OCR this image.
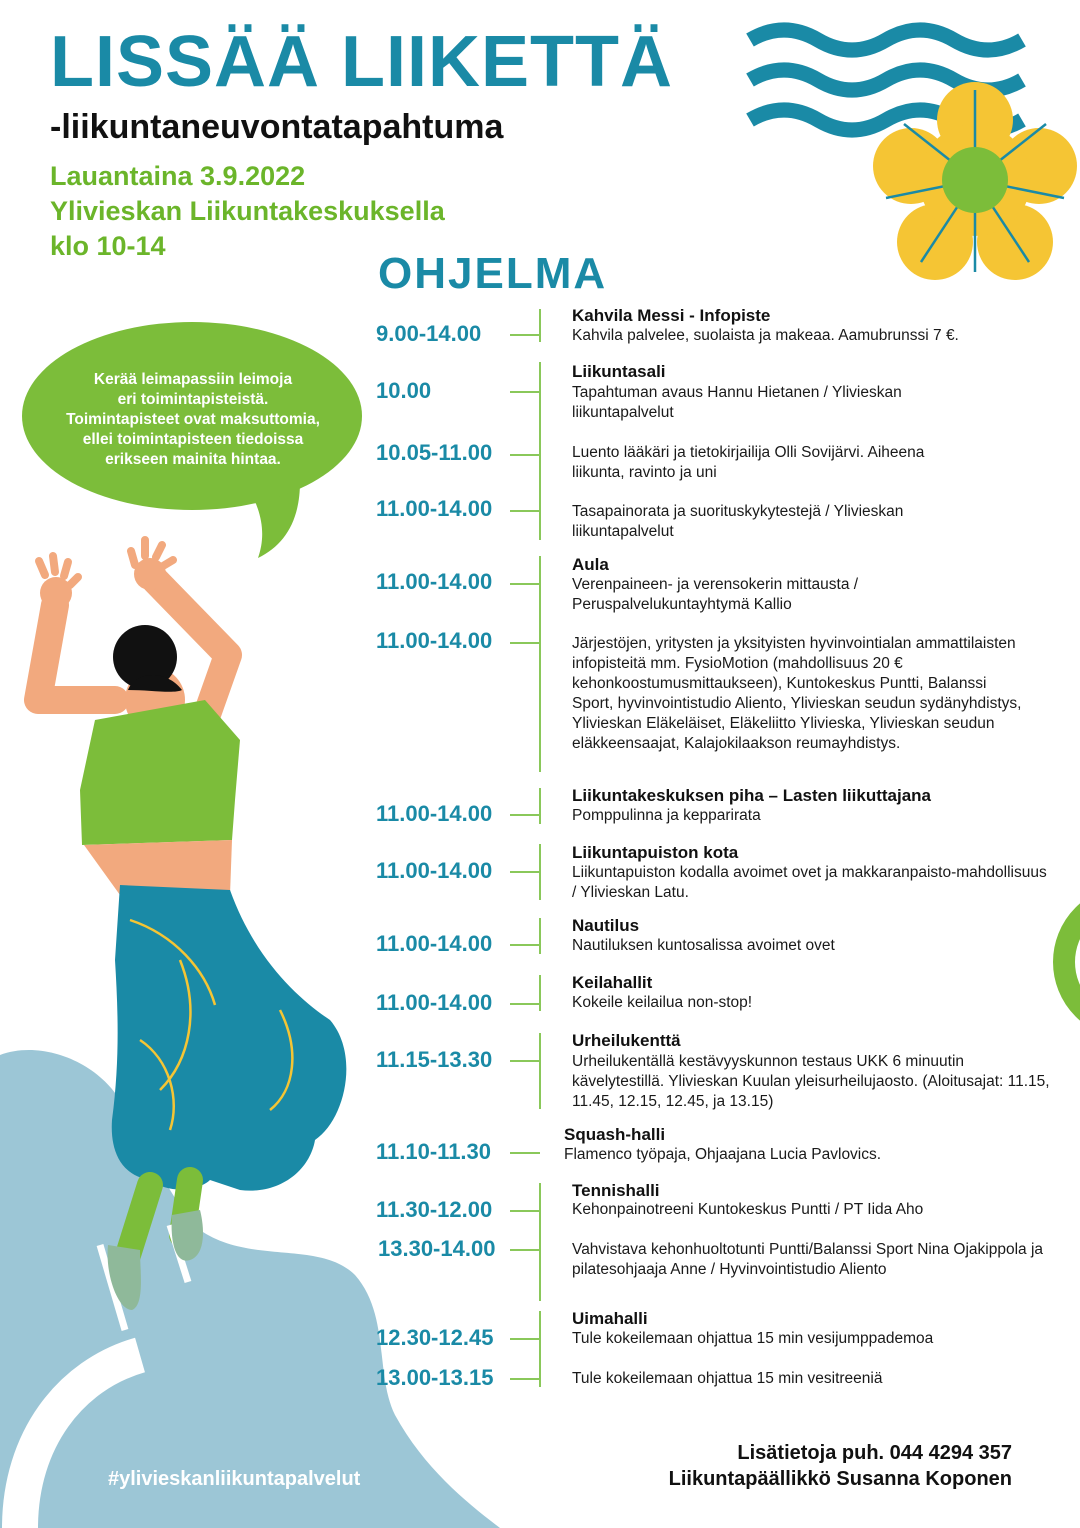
LISSÄÄ LIIKETTÄ
-liikuntaneuvontatapahtuma
Lauantaina 3.9.2022
Ylivieskan Liikuntakeskuksella
klo 10-14
OHJELMA
Kerää leimapassiin leimoja
eri toimintapisteistä.
Toimintapisteet ovat maksuttomia,
ellei toimintapisteen tiedoissa
erikseen mainita hintaa.
Kahvila Messi - Infopiste
Liikuntasali
Aula
Liikuntakeskuksen piha – Lasten liikuttajana
Liikuntapuiston kota
Nautilus
Keilahallit
Urheilukenttä
Squash-halli
Tennishalli
Uimahalli
9.00-14.00
10.00
10.05-11.00
11.00-14.00
11.00-14.00
11.00-14.00
11.00-14.00
11.00-14.00
11.00-14.00
11.00-14.00
11.15-13.30
11.10-11.30
11.30-12.00
13.30-14.00
12.30-12.45
13.00-13.15
Kahvila palvelee, suolaista ja makeaa. Aamubrunssi 7 €.
Tapahtuman avaus Hannu Hietanen / Ylivieskan liikuntapalvelut
Luento lääkäri ja tietokirjailija Olli Sovijärvi. Aiheena liikunta, ravinto ja uni
Tasapainorata ja suorituskykytestejä / Ylivieskan liikuntapalvelut
Verenpaineen- ja verensokerin mittausta / Peruspalvelukuntayhtymä Kallio
Järjestöjen, yritysten ja yksityisten hyvinvointialan ammattilaisten infopisteitä mm. FysioMotion (mahdollisuus 20 € kehonkoostumusmittaukseen), Kuntokeskus Puntti, Balanssi Sport, hyvinvointistudio Aliento, Ylivieskan seudun sydänyhdistys, Ylivieskan Eläkeläiset, Eläkeliitto Ylivieska, Ylivieskan seudun eläkkeensaajat, Kalajokilaakson reumayhdistys.
Pomppulinna ja kepparirata
Liikuntapuiston kodalla avoimet ovet ja makkaranpaisto-mahdollisuus / Ylivieskan Latu.
Nautiluksen kuntosalissa avoimet ovet
Kokeile keilailua non-stop!
Urheilukentällä kestävyyskunnon testaus UKK 6 minuutin kävelytestillä. Ylivieskan Kuulan yleisurheilujaosto. (Aloitusajat: 11.15, 11.45, 12.15, 12.45, ja 13.15)
Flamenco työpaja, Ohjaajana Lucia Pavlovics.
Kehonpainotreeni Kuntokeskus Puntti / PT Iida Aho
Vahvistava kehonhuoltotunti Puntti/Balanssi Sport Nina Ojakippola ja pilatesohjaaja Anne / Hyvinvointistudio Aliento
Tule kokeilemaan ohjattua 15 min vesijumppademoa
Tule kokeilemaan ohjattua 15 min vesitreeniä
Lisätietoja puh. 044 4294 357
Liikuntapäällikkö Susanna Koponen
#ylivieskanliikuntapalvelut
